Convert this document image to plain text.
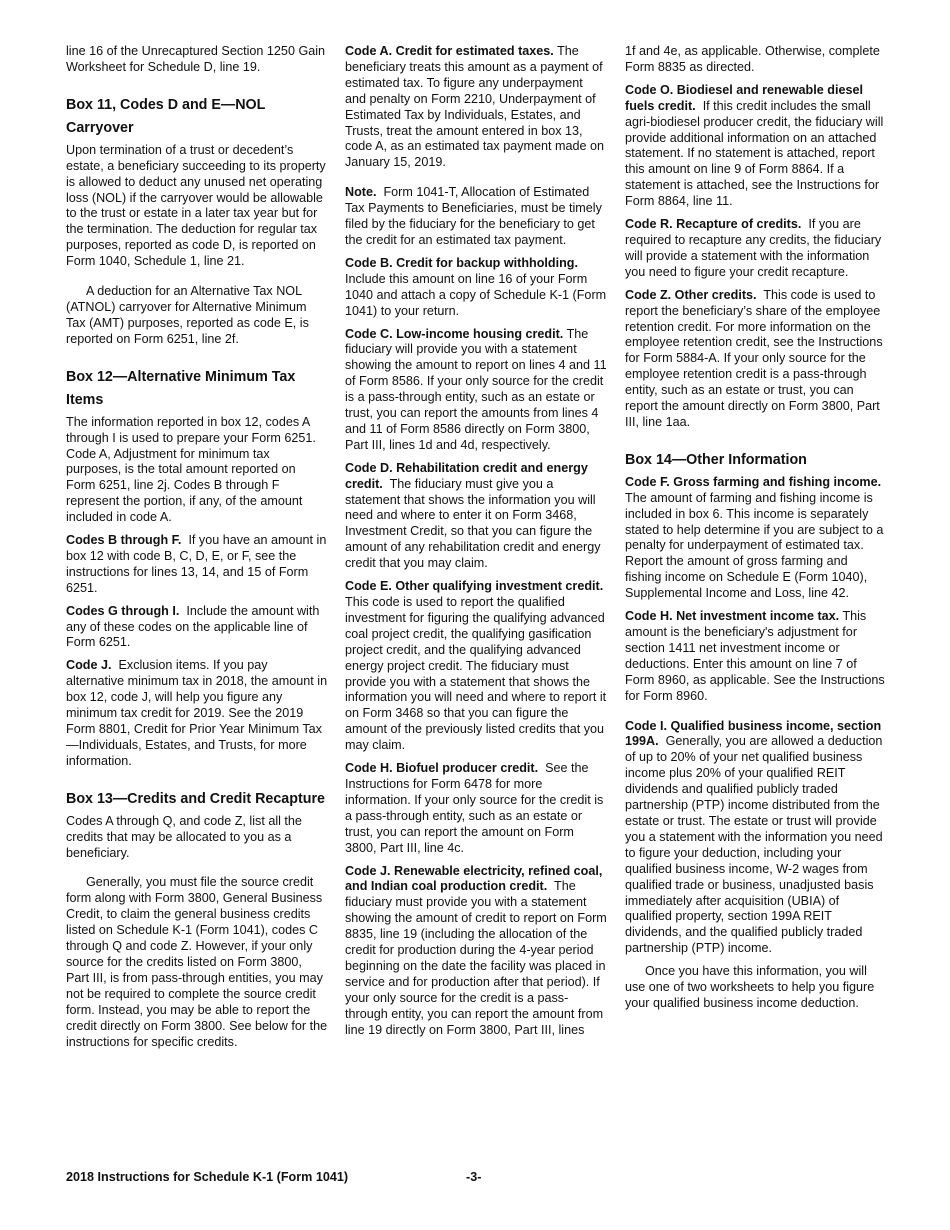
line 16 of the Unrecaptured Section 1250 Gain Worksheet for Schedule D, line 19.

Box 11, Codes D and E—NOL Carryover

Upon termination of a trust or decedent’s estate, a beneficiary succeeding to its property is allowed to deduct any unused net operating loss (NOL) if the carryover would be allowable to the trust or estate in a later tax year but for the termination. The deduction for regular tax purposes, reported as code D, is reported on Form 1040, Schedule 1, line 21.

A deduction for an Alternative Tax NOL (ATNOL) carryover for Alternative Minimum Tax (AMT) purposes, reported as code E, is reported on Form 6251, line 2f.

Box 12—Alternative Minimum Tax Items

The information reported in box 12, codes A through I is used to prepare your Form 6251. Code A, Adjustment for minimum tax purposes, is the total amount reported on Form 6251, line 2j. Codes B through F represent the portion, if any, of the amount included in code A.

Codes B through F. If you have an amount in box 12 with code B, C, D, E, or F, see the instructions for lines 13, 14, and 15 of Form 6251.

Codes G through I. Include the amount with any of these codes on the applicable line of Form 6251.

Code J. Exclusion items. If you pay alternative minimum tax in 2018, the amount in box 12, code J, will help you figure any minimum tax credit for 2019. See the 2019 Form 8801, Credit for Prior Year Minimum Tax—Individuals, Estates, and Trusts, for more information.

Box 13—Credits and Credit Recapture

Codes A through Q, and code Z, list all the credits that may be allocated to you as a beneficiary.

Generally, you must file the source credit form along with Form 3800, General Business Credit, to claim the general business credits listed on Schedule K-1 (Form 1041), codes C through Q and code Z. However, if your only source for the credits listed on Form 3800, Part III, is from pass-through entities, you may not be required to complete the source credit form. Instead, you may be able to report the credit directly on Form 3800. See below for the instructions for specific credits.

Code A. Credit for estimated taxes. The beneficiary treats this amount as a payment of estimated tax. To figure any underpayment and penalty on Form 2210, Underpayment of Estimated Tax by Individuals, Estates, and Trusts, treat the amount entered in box 13, code A, as an estimated tax payment made on January 15, 2019.

Note. Form 1041-T, Allocation of Estimated Tax Payments to Beneficiaries, must be timely filed by the fiduciary for the beneficiary to get the credit for an estimated tax payment.

Code B. Credit for backup withholding. Include this amount on line 16 of your Form 1040 and attach a copy of Schedule K-1 (Form 1041) to your return.

Code C. Low-income housing credit. The fiduciary will provide you with a statement showing the amount to report on lines 4 and 11 of Form 8586. If your only source for the credit is a pass-through entity, such as an estate or trust, you can report the amounts from lines 4 and 11 of Form 8586 directly on Form 3800, Part III, lines 1d and 4d, respectively.

Code D. Rehabilitation credit and energy credit. The fiduciary must give you a statement that shows the information you will need and where to enter it on Form 3468, Investment Credit, so that you can figure the amount of any rehabilitation credit and energy credit that you may claim.

Code E. Other qualifying investment credit.  This code is used to report the qualified investment for figuring the qualifying advanced coal project credit, the qualifying gasification project credit, and the qualifying advanced energy project credit. The fiduciary must provide you with a statement that shows the information you will need and where to report it on Form 3468 so that you can figure the amount of the previously listed credits that you may claim.

Code H. Biofuel producer credit. See the Instructions for Form 6478 for more information. If your only source for the credit is a pass-through entity, such as an estate or trust, you can report the amount on Form 3800, Part III, line 4c.

Code J. Renewable electricity, refined coal, and Indian coal production credit. The fiduciary must provide you with a statement showing the amount of credit to report on Form 8835, line 19 (including the allocation of the credit for production during the 4-year period beginning on the date the facility was placed in service and for production after that period). If your only source for the credit is a pass-through entity, you can report the amount from line 19 directly on Form 3800, Part III, lines

1f and 4e, as applicable. Otherwise, complete Form 8835 as directed.

Code O. Biodiesel and renewable diesel fuels credit. If this credit includes the small agri-biodiesel producer credit, the fiduciary will provide additional information on an attached statement. If no statement is attached, report this amount on line 9 of Form 8864. If a statement is attached, see the Instructions for Form 8864, line 11.

Code R. Recapture of credits. If you are required to recapture any credits, the fiduciary will provide a statement with the information you need to figure your credit recapture.

Code Z. Other credits. This code is used to report the beneficiary’s share of the employee retention credit. For more information on the employee retention credit, see the Instructions for Form 5884-A. If your only source for the employee retention credit is a pass-through entity, such as an estate or trust, you can report the amount directly on Form 3800, Part III, line 1aa.

Box 14—Other Information

Code F. Gross farming and fishing income.  The amount of farming and fishing income is included in box 6. This income is separately stated to help determine if you are subject to a penalty for underpayment of estimated tax. Report the amount of gross farming and fishing income on Schedule E (Form 1040), Supplemental Income and Loss, line 42.

Code H. Net investment income tax. This amount is the beneficiary's adjustment for section 1411 net investment income or deductions. Enter this amount on line 7 of Form 8960, as applicable. See the Instructions for Form 8960.

Code I. Qualified business income, section 199A. Generally, you are allowed a deduction of up to 20% of your net qualified business income plus 20% of your qualified REIT dividends and qualified publicly traded partnership (PTP) income distributed from the estate or trust. The estate or trust will provide you a statement with the information you need to figure your deduction, including your qualified business income, W-2 wages from qualified trade or business, unadjusted basis immediately after acquisition (UBIA) of qualified property, section 199A REIT dividends, and the qualified publicly traded partnership (PTP) income.

Once you have this information, you will use one of two worksheets to help you figure your qualified business income deduction.

2018 Instructions for Schedule K-1 (Form 1041)	-3-
